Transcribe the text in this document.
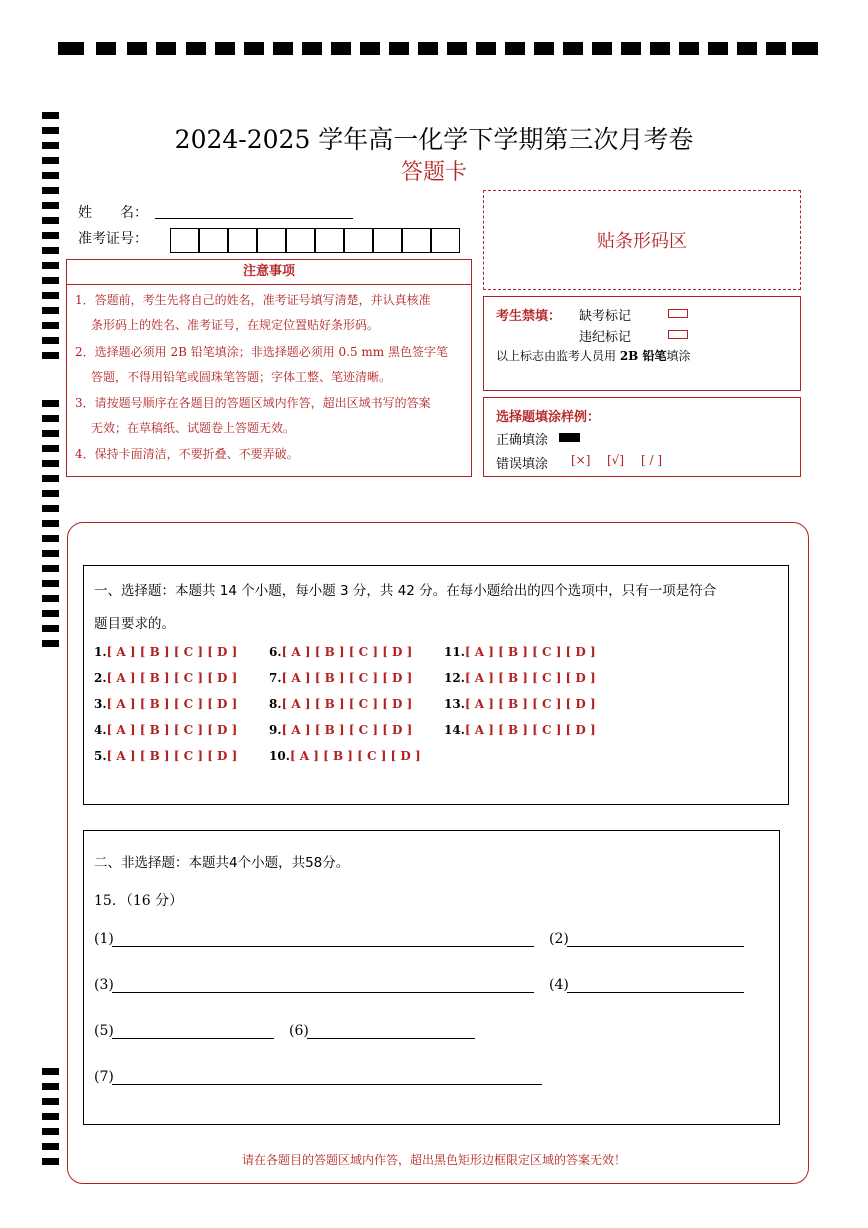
2024-2025 学年高一化学下学期第三次月考卷
答题卡
姓　　名：
准考证号：	贴条形码区
注意事项
1．答题前，考生先将自己的姓名，准考证号填写清楚，并认真核准
条形码上的姓名、准考证号，在规定位置贴好条形码。
2．选择题必须用 2B 铅笔填涂；非选择题必须用 0.5 mm 黑色签字笔
答题，不得用铅笔或圆珠笔答题；字体工整、笔迹清晰。
3．请按题号顺序在各题目的答题区域内作答，超出区域书写的答案
无效；在草稿纸、试题卷上答题无效。
4．保持卡面清洁，不要折叠、不要弄破。
考生禁填： 缺考标记
违纪标记
以上标志由监考人员用 2B 铅笔填涂
选择题填涂样例：
正确填涂
错误填涂 [×] [√] [ / ]
一、选择题：本题共 14 个小题，每小题 3 分，共 42 分。在每小题给出的四个选项中，只有一项是符合
题目要求的。
1.[ A ] [ B ] [ C ] [ D ]
2.[ A ] [ B ] [ C ] [ D ]
3.[ A ] [ B ] [ C ] [ D ]
4.[ A ] [ B ] [ C ] [ D ]
5.[ A ] [ B ] [ C ] [ D ]
6.[ A ] [ B ] [ C ] [ D ]
7.[ A ] [ B ] [ C ] [ D ]
8.[ A ] [ B ] [ C ] [ D ]
9.[ A ] [ B ] [ C ] [ D ]
10.[ A ] [ B ] [ C ] [ D ]
11.[ A ] [ B ] [ C ] [ D ]
12.[ A ] [ B ] [ C ] [ D ]
13.[ A ] [ B ] [ C ] [ D ]
14.[ A ] [ B ] [ C ] [ D ]
二、非选择题：本题共4个小题，共58分。
15．（16 分）
(1)	(2)
(3)	(4)
(5)	(6)
(7)
请在各题目的答题区域内作答，超出黑色矩形边框限定区域的答案无效！
